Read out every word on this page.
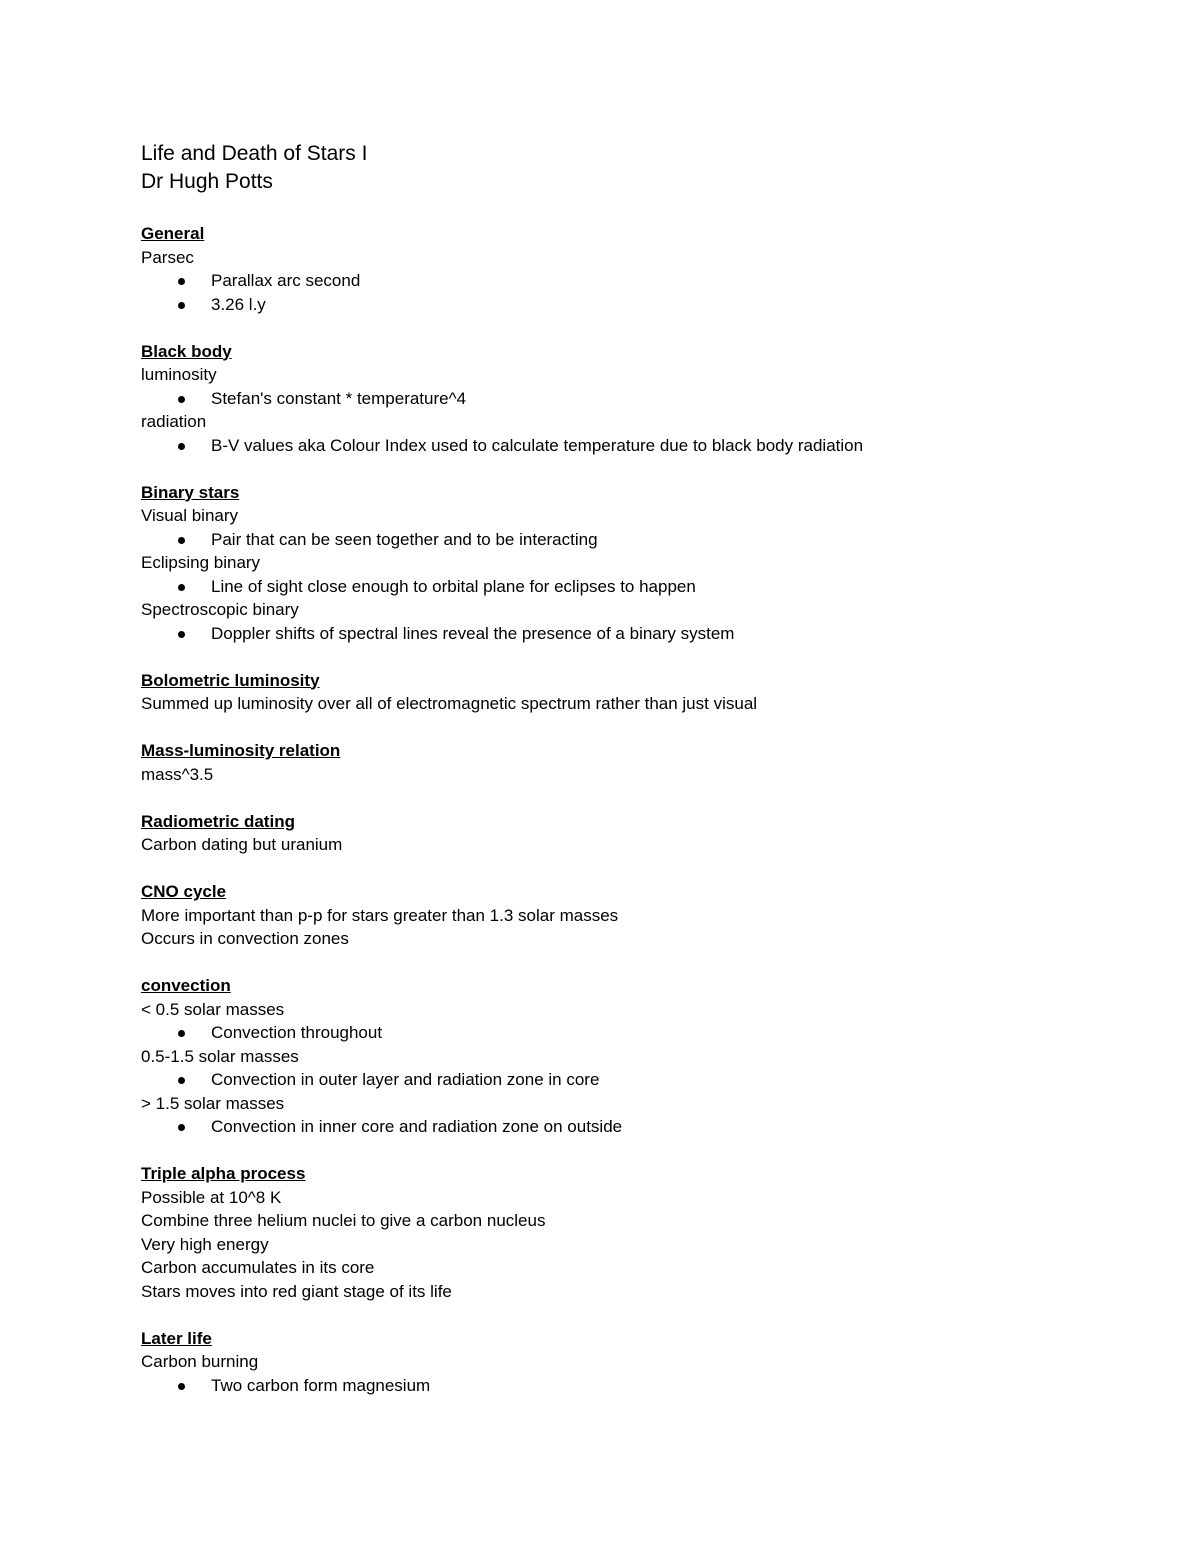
Life and Death of Stars I

Dr Hugh Potts

General

Parsec

Parallax arc second
3.26 l.y

Black body

luminosity

Stefan's constant * temperature^4

radiation

B-V values aka Colour Index used to calculate temperature due to black body radiation

Binary stars

Visual binary

Pair that can be seen together and to be interacting

Eclipsing binary

Line of sight close enough to orbital plane for eclipses to happen

Spectroscopic binary

Doppler shifts of spectral lines reveal the presence of a binary system

Bolometric luminosity

Summed up luminosity over all of electromagnetic spectrum rather than just visual

Mass-luminosity relation

mass^3.5

Radiometric dating

Carbon dating but uranium

CNO cycle

More important than p-p for stars greater than 1.3 solar masses

Occurs in convection zones

convection

< 0.5 solar masses

Convection throughout

0.5-1.5 solar masses

Convection in outer layer and radiation zone in core

> 1.5 solar masses

Convection in inner core and radiation zone on outside

Triple alpha process

Possible at 10^8 K

Combine three helium nuclei to give a carbon nucleus

Very high energy

Carbon accumulates in its core

Stars moves into red giant stage of its life

Later life

Carbon burning

Two carbon form magnesium
